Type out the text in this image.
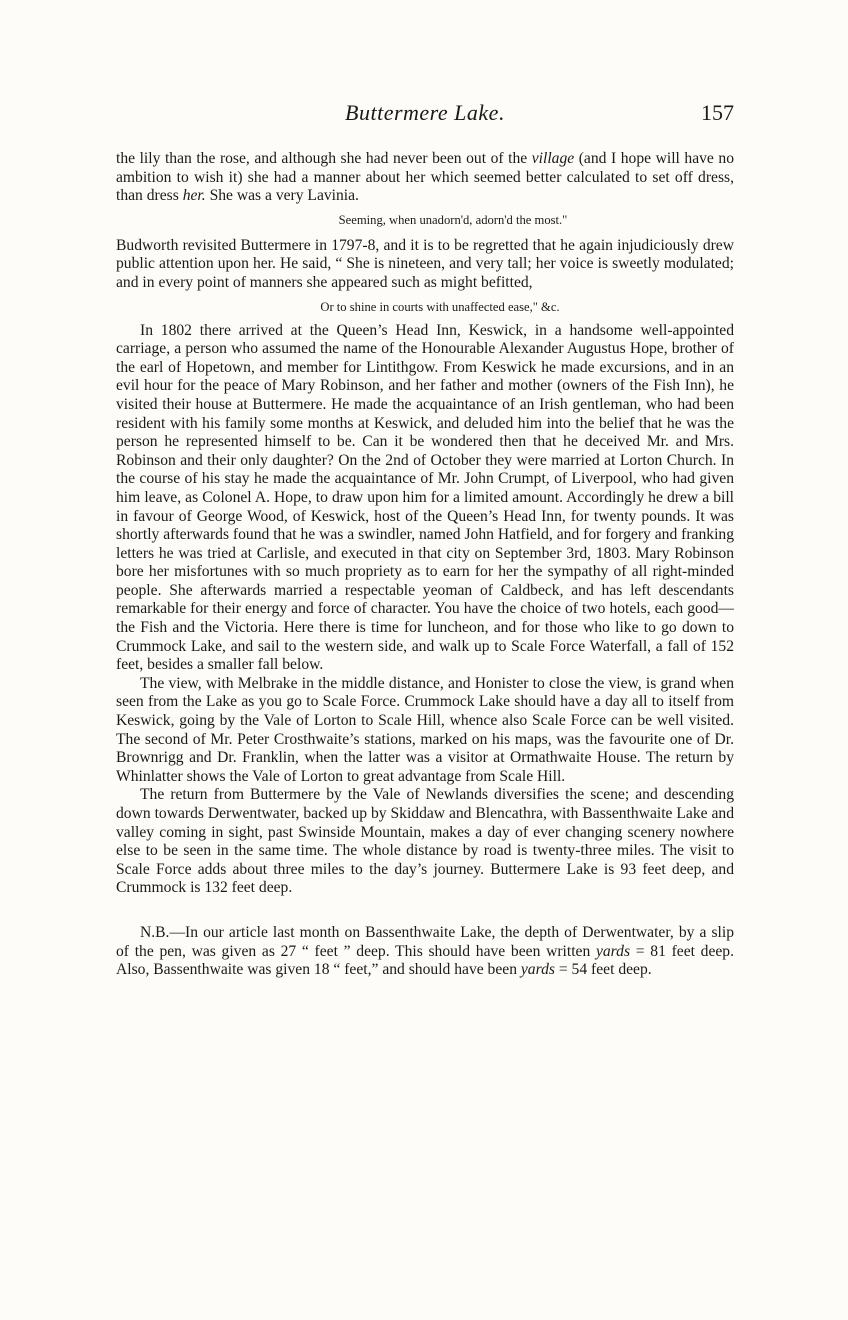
Buttermere Lake.	157

the lily than the rose, and although she had never been out of the village (and I hope will have no ambition to wish it) she had a manner about her which seemed better calculated to set off dress, than dress her. She was a very Lavinia.

Seeming, when unadorn'd, adorn'd the most."

Budworth revisited Buttermere in 1797-8, and it is to be regretted that he again injudiciously drew public attention upon her. He said, “ She is nineteen, and very tall; her voice is sweetly modulated; and in every point of manners she appeared such as might befitted,

Or to shine in courts with unaffected ease," &c.

In 1802 there arrived at the Queen’s Head Inn, Keswick, in a handsome well-appointed carriage, a person who assumed the name of the Honourable Alexander Augustus Hope, brother of the earl of Hopetown, and member for Lintithgow. From Keswick he made excursions, and in an evil hour for the peace of Mary Robinson, and her father and mother (owners of the Fish Inn), he visited their house at Buttermere. He made the acquaintance of an Irish gentleman, who had been resident with his family some months at Keswick, and deluded him into the belief that he was the person he represented himself to be. Can it be wondered then that he deceived Mr. and Mrs. Robinson and their only daughter? On the 2nd of October they were married at Lorton Church. In the course of his stay he made the acquaintance of Mr. John Crumpt, of Liverpool, who had given him leave, as Colonel A. Hope, to draw upon him for a limited amount. Accordingly he drew a bill in favour of George Wood, of Keswick, host of the Queen’s Head Inn, for twenty pounds. It was shortly afterwards found that he was a swindler, named John Hatfield, and for forgery and franking letters he was tried at Carlisle, and executed in that city on September 3rd, 1803. Mary Robinson bore her misfortunes with so much propriety as to earn for her the sympathy of all right-minded people. She afterwards married a respectable yeoman of Caldbeck, and has left descendants remarkable for their energy and force of character. You have the choice of two hotels, each good—the Fish and the Victoria. Here there is time for luncheon, and for those who like to go down to Crummock Lake, and sail to the western side, and walk up to Scale Force Waterfall, a fall of 152 feet, besides a smaller fall below.

The view, with Melbrake in the middle distance, and Honister to close the view, is grand when seen from the Lake as you go to Scale Force. Crummock Lake should have a day all to itself from Keswick, going by the Vale of Lorton to Scale Hill, whence also Scale Force can be well visited. The second of Mr. Peter Crosthwaite’s stations, marked on his maps, was the favourite one of Dr. Brownrigg and Dr. Franklin, when the latter was a visitor at Ormathwaite House. The return by Whinlatter shows the Vale of Lorton to great advantage from Scale Hill.

The return from Buttermere by the Vale of Newlands diversifies the scene; and descending down towards Derwentwater, backed up by Skiddaw and Blencathra, with Bassenthwaite Lake and valley coming in sight, past Swinside Mountain, makes a day of ever changing scenery nowhere else to be seen in the same time. The whole distance by road is twenty-three miles. The visit to Scale Force adds about three miles to the day’s journey. Buttermere Lake is 93 feet deep, and Crummock is 132 feet deep.

N.B.—In our article last month on Bassenthwaite Lake, the depth of Derwentwater, by a slip of the pen, was given as 27 “ feet ” deep. This should have been written yards = 81 feet deep. Also, Bassenthwaite was given 18 “ feet,” and should have been yards = 54 feet deep.
